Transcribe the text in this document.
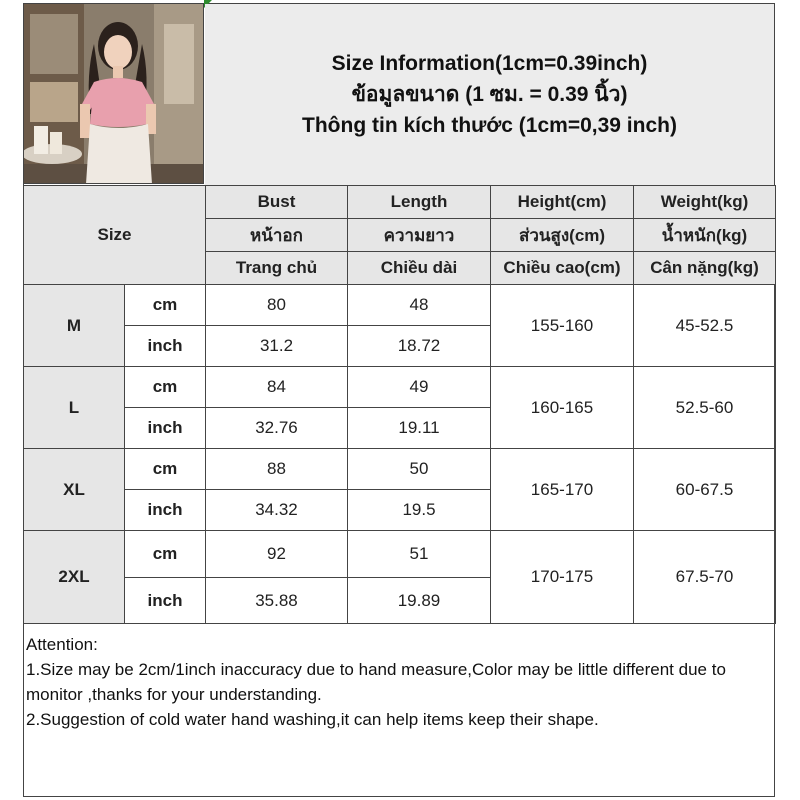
Size Information(1cm=0.39inch)
ข้อมูลขนาด (1 ซม. = 0.39 นิ้ว)
Thông tin kích thước (1cm=0,39 inch)
Size		Bust	Length	Height(cm)	Weight(kg)
		หน้าอก	ความยาว	ส่วนสูง(cm)	น้ำหนัก(kg)
		Trang chủ	Chiều dài	Chiều cao(cm)	Cân nặng(kg)
M	cm	80	48	155-160	45-52.5
	inch	31.2	18.72		
L	cm	84	49	160-165	52.5-60
	inch	32.76	19.11		
XL	cm	88	50	165-170	60-67.5
	inch	34.32	19.5		
2XL	cm	92	51	170-175	67.5-70
	inch	35.88	19.89		

Attention:

1.Size may be 2cm/1inch inaccuracy due to hand measure,Color may be little different due to monitor ,thanks for your understanding.

2.Suggestion of cold water hand washing,it can help items keep their shape.
